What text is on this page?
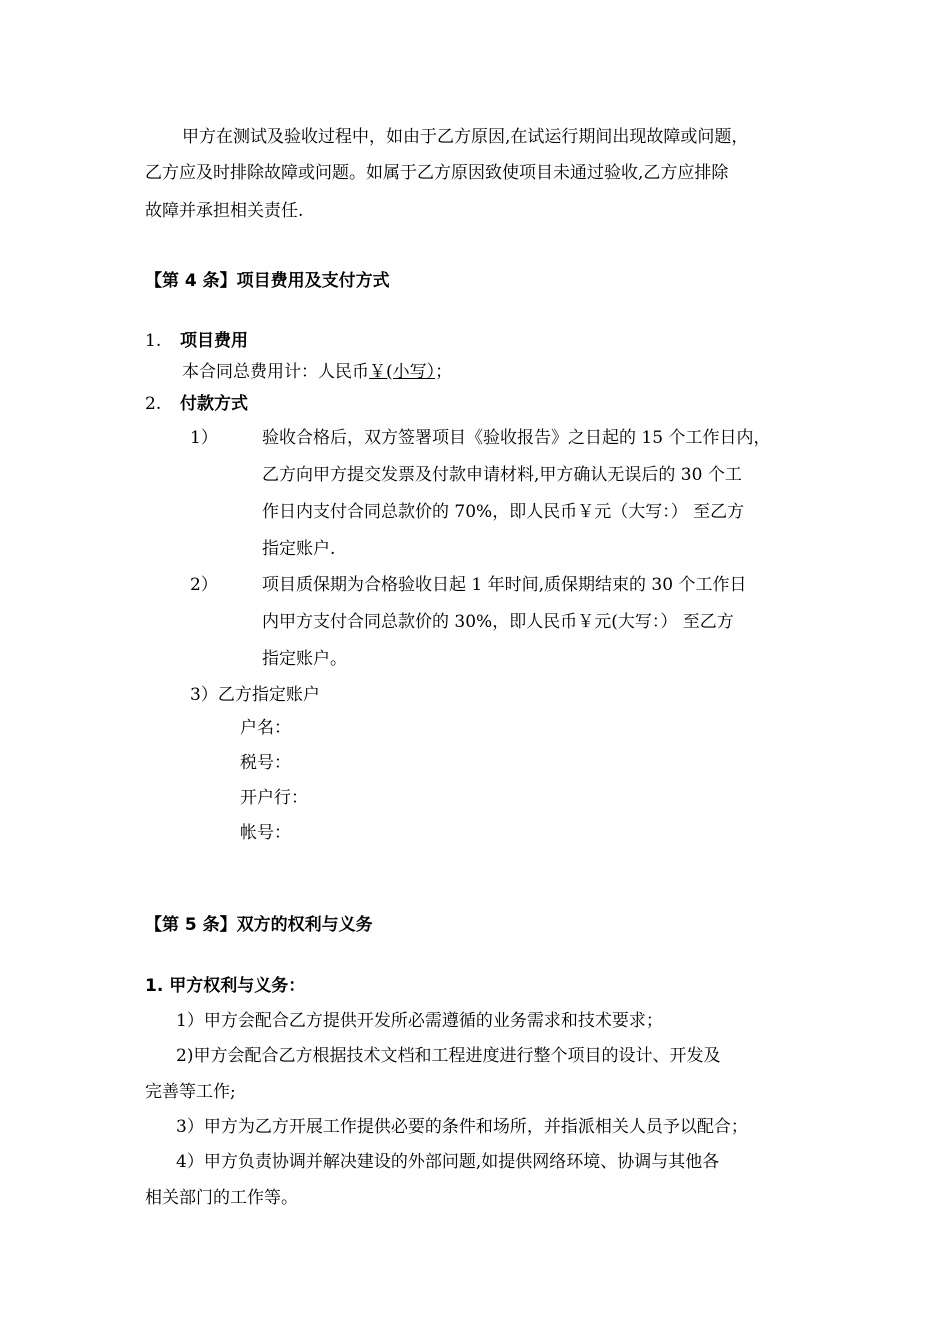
甲方在测试及验收过程中，如由于乙方原因,在试运行期间出现故障或问题，
乙方应及时排除故障或问题。如属于乙方原因致使项目未通过验收,乙方应排除
故障并承担相关责任.
【第 4 条】项目费用及支付方式
1. 项目费用
本合同总费用计：人民币￥(小写）；
2. 付款方式
1）	验收合格后，双方签署项目《验收报告》之日起的 15 个工作日内，
乙方向甲方提交发票及付款申请材料,甲方确认无误后的 30 个工
作日内支付合同总款价的 70%，即人民币￥元（大写：） 至乙方
指定账户.
2）	项目质保期为合格验收日起 1 年时间,质保期结束的 30 个工作日
内甲方支付合同总款价的 30%，即人民币￥元(大写：） 至乙方
指定账户。
3）乙方指定账户
户名：
税号：
开户行：
帐号：
【第 5 条】双方的权利与义务
1. 甲方权利与义务：
1）甲方会配合乙方提供开发所必需遵循的业务需求和技术要求；
2)甲方会配合乙方根据技术文档和工程进度进行整个项目的设计、开发及
完善等工作;
3）甲方为乙方开展工作提供必要的条件和场所，并指派相关人员予以配合；
4）甲方负责协调并解决建设的外部问题,如提供网络环境、协调与其他各
相关部门的工作等。
